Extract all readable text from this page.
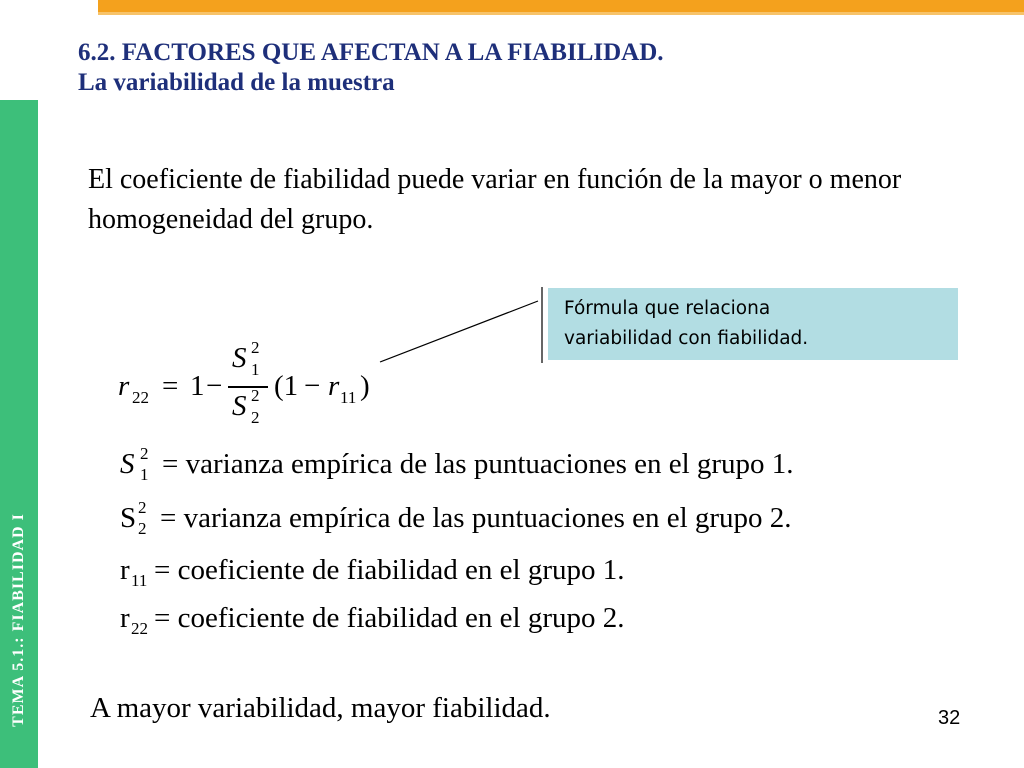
TEMA 5.1.: FIABILIDAD I
6.2. FACTORES QUE AFECTAN A LA FIABILIDAD.
La variabilidad de la muestra
El coeficiente de fiabilidad puede variar en función de la mayor o menor homogeneidad del grupo.
Fórmula que relaciona
variabilidad con fiabilidad.
r 22 = 1 −
S 2
1
S 2
2
(1 − r 11 )
S 2
1 = varianza empírica de las puntuaciones en el grupo 1.
S 2
2 = varianza empírica de las puntuaciones en el grupo 2.
r 11 = coeficiente de fiabilidad en el grupo 1.
r 22 = coeficiente de fiabilidad en el grupo 2.
A mayor variabilidad, mayor fiabilidad.	32
